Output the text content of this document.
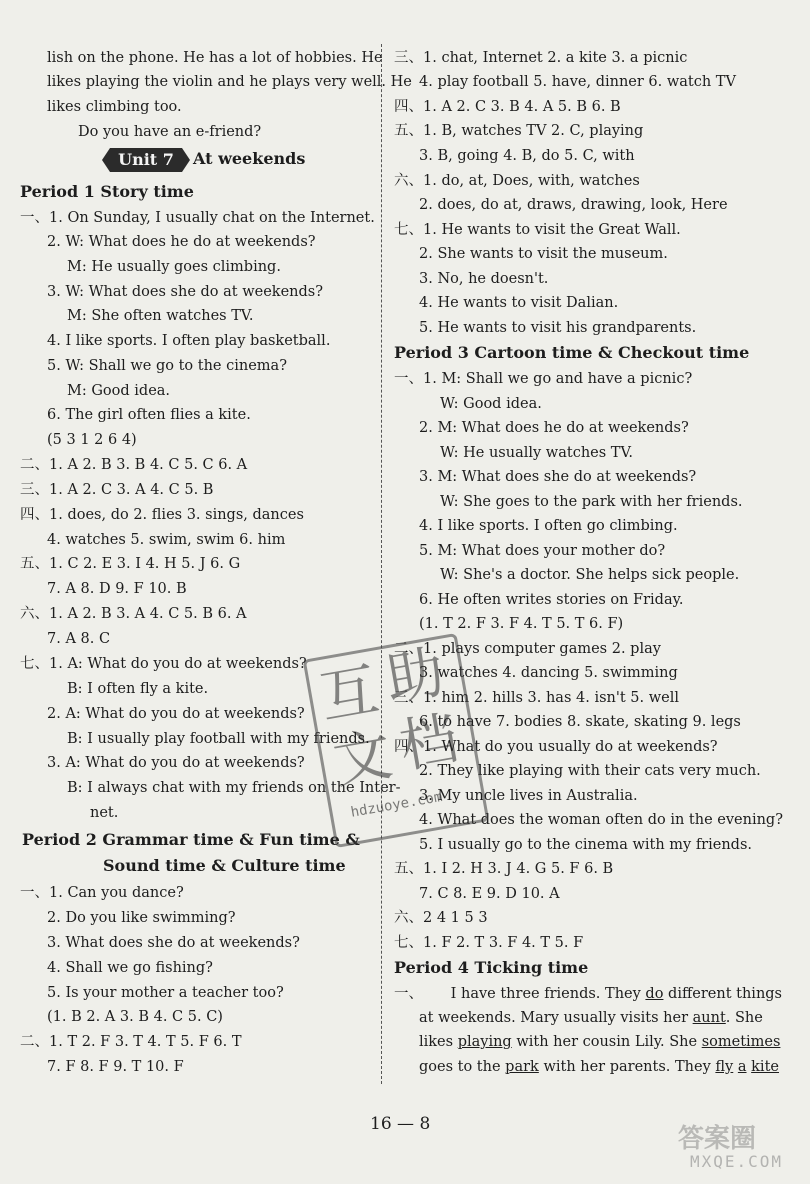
lish on the phone. He has a lot of hobbies. He
likes playing the violin and he plays very well. He
likes climbing too.
Do you have an e-friend?
Unit 7	At weekends
Period 1 Story time
一、1. On Sunday, I usually chat on the Internet.
2. W: What does he do at weekends?
M: He usually goes climbing.
3. W: What does she do at weekends?
M: She often watches TV.
4. I like sports. I often play basketball.
5. W: Shall we go to the cinema?
M: Good idea.
6. The girl often flies a kite.
(5 3 1 2 6 4)
二、1. A 2. B 3. B 4. C 5. C 6. A
三、1. A 2. C 3. A 4. C 5. B
四、1. does, do 2. flies 3. sings, dances
4. watches 5. swim, swim 6. him
五、1. C 2. E 3. I 4. H 5. J 6. G
7. A 8. D 9. F 10. B
六、1. A 2. B 3. A 4. C 5. B 6. A
7. A 8. C
七、1. A: What do you do at weekends?
B: I often fly a kite.
2. A: What do you do at weekends?
B: I usually play football with my friends.
3. A: What do you do at weekends?
B: I always chat with my friends on the Inter-
net.
Period 2 Grammar time & Fun time &
Sound time & Culture time
一、1. Can you dance?
2. Do you like swimming?
3. What does she do at weekends?
4. Shall we go fishing?
5. Is your mother a teacher too?
(1. B 2. A 3. B 4. C 5. C)
二、1. T 2. F 3. T 4. T 5. F 6. T
7. F 8. F 9. T 10. F
三、1. chat, Internet 2. a kite 3. a picnic
4. play football 5. have, dinner 6. watch TV
四、1. A 2. C 3. B 4. A 5. B 6. B
五、1. B, watches TV 2. C, playing
3. B, going 4. B, do 5. C, with
六、1. do, at, Does, with, watches
2. does, do at, draws, drawing, look, Here
七、1. He wants to visit the Great Wall.
2. She wants to visit the museum.
3. No, he doesn't.
4. He wants to visit Dalian.
5. He wants to visit his grandparents.
Period 3 Cartoon time & Checkout time
一、1. M: Shall we go and have a picnic?
W: Good idea.
2. M: What does he do at weekends?
W: He usually watches TV.
3. M: What does she do at weekends?
W: She goes to the park with her friends.
4. I like sports. I often go climbing.
5. M: What does your mother do?
W: She's a doctor. She helps sick people.
6. He often writes stories on Friday.
(1. T 2. F 3. F 4. T 5. T 6. F)
二、1. plays computer games 2. play
3. watches 4. dancing 5. swimming
三、1. him 2. hills 3. has 4. isn't 5. well
6. to have 7. bodies 8. skate, skating 9. legs
四、1. What do you usually do at weekends?
2. They like playing with their cats very much.
3. My uncle lives in Australia.
4. What does the woman often do in the evening?
5. I usually go to the cinema with my friends.
五、1. I 2. H 3. J 4. G 5. F 6. B
7. C 8. E 9. D 10. A
六、2 4 1 5 3
七、1. F 2. T 3. F 4. T 5. F
Period 4 Ticking time
一、 I have three friends. They do different things
at weekends. Mary usually visits her aunt. She
likes playing with her cousin Lily. She sometimes
goes to the park with her parents. They fly a kite
16 — 8
互
助
文
档
hdzuoye.com
答案圈
MXQE.COM
